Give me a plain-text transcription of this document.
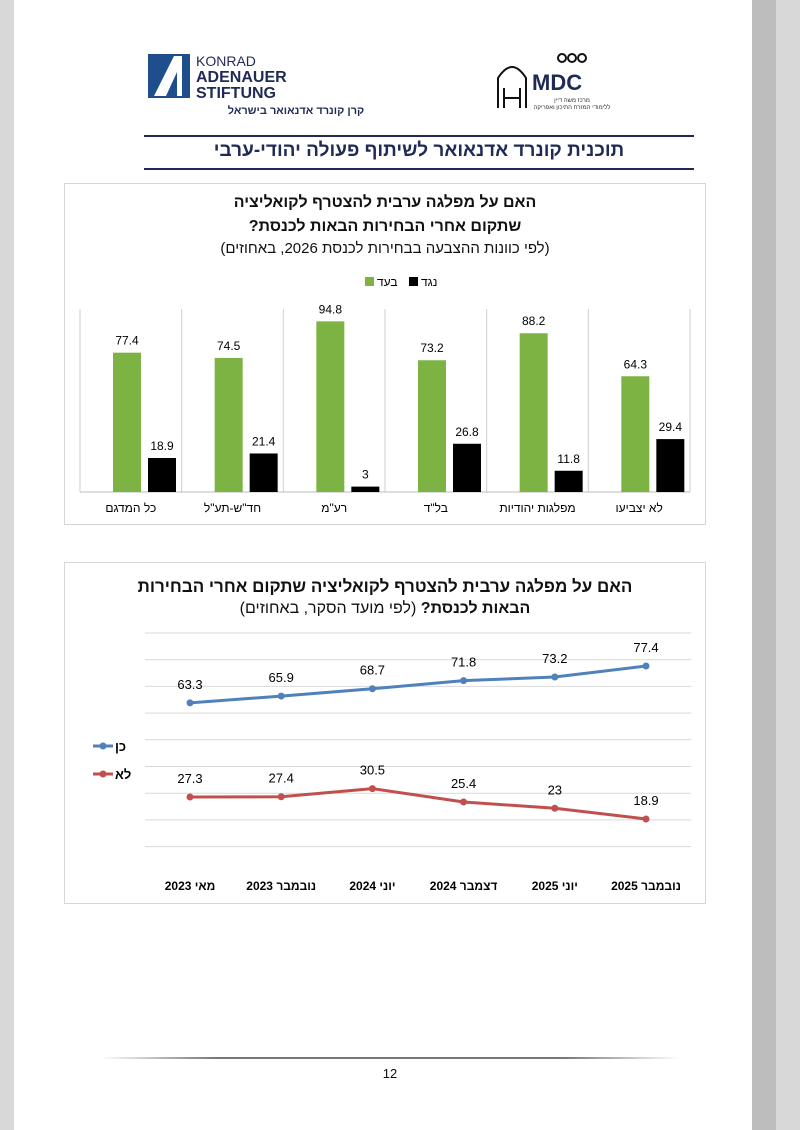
KONRAD
ADENAUER
STIFTUNG
קרן קונרד אדנאואר בישראל
MDC
מרכז משה דיין ללימודי המזרח התיכון ואפריקה
תוכנית קונרד אדנאואר לשיתוף פעולה יהודי-ערבי
האם על מפלגה ערבית להצטרף לקואליציה
שתקום אחרי הבחירות הבאות לכנסת?
(לפי כוונות ההצבעה בבחירות לכנסת 2026, באחוזים)
בעד נגד
77.4
18.9
כל המדגם
74.5
21.4
חד"ש-תע"ל
94.8
3
רע"מ
73.2
26.8
בל"ד
88.2
11.8
מפלגות יהודיות
64.3
29.4
לא יצביעו
האם על מפלגה ערבית להצטרף לקואליציה שתקום אחרי הבחירות
הבאות לכנסת? (לפי מועד הסקר, באחוזים)
מאי 2023	נובמבר 2023	יוני 2024	דצמבר 2024	יוני 2025	נובמבר 2025
63.3	65.9	68.7
71.8	73.2
77.4
כן
27.3	27.4
30.5
25.4	23
18.9
לא
12
